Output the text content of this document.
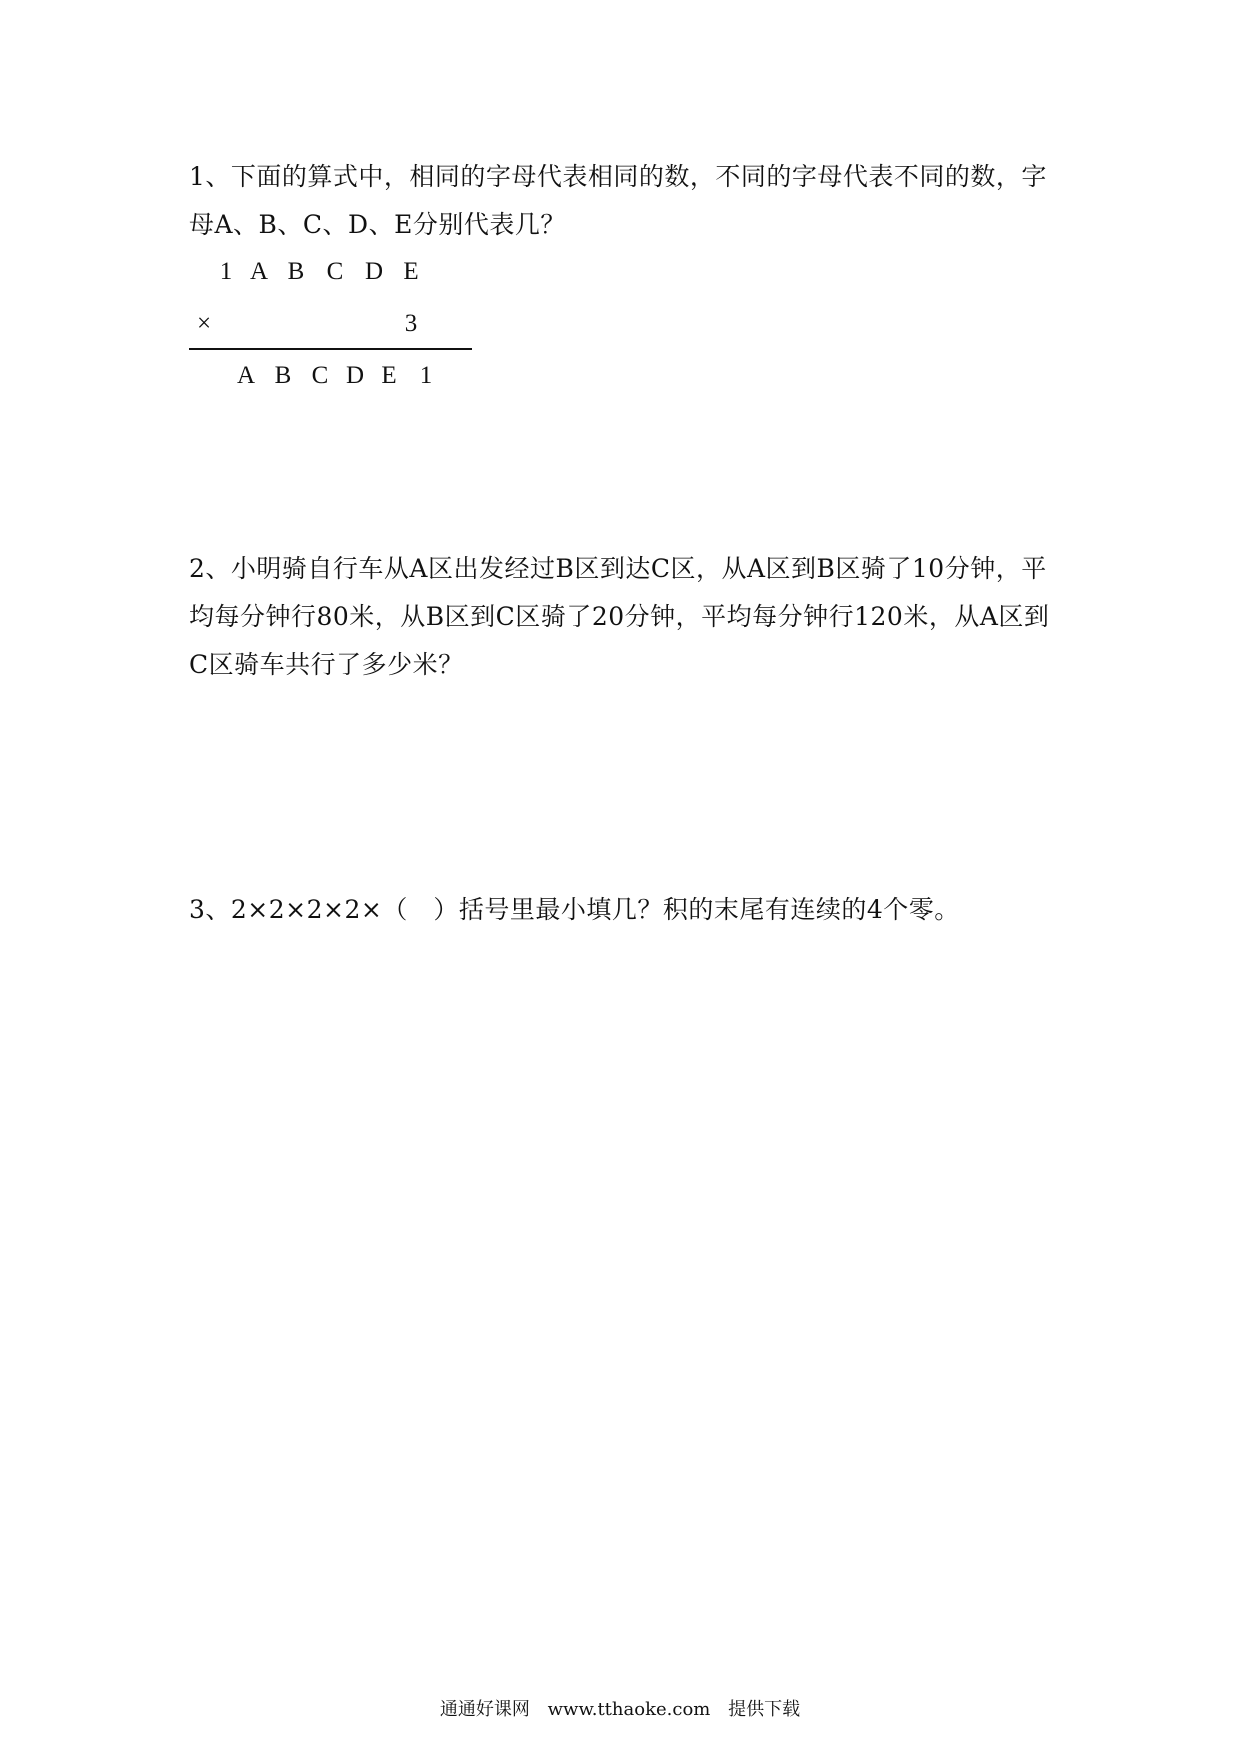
1、下面的算式中，相同的字母代表相同的数，不同的字母代表不同的数，字母A、B、C、D、E分别代表几？

1 A B C D E
×	3
A B C D E 1

2、小明骑自行车从A区出发经过B区到达C区，从A区到B区骑了10分钟，平均每分钟行80米，从B区到C区骑了20分钟，平均每分钟行120米，从A区到C区骑车共行了多少米？

3、2×2×2×2×（　）括号里最小填几？积的末尾有连续的4个零。

通通好课网 www.tthaoke.com 提供下载
